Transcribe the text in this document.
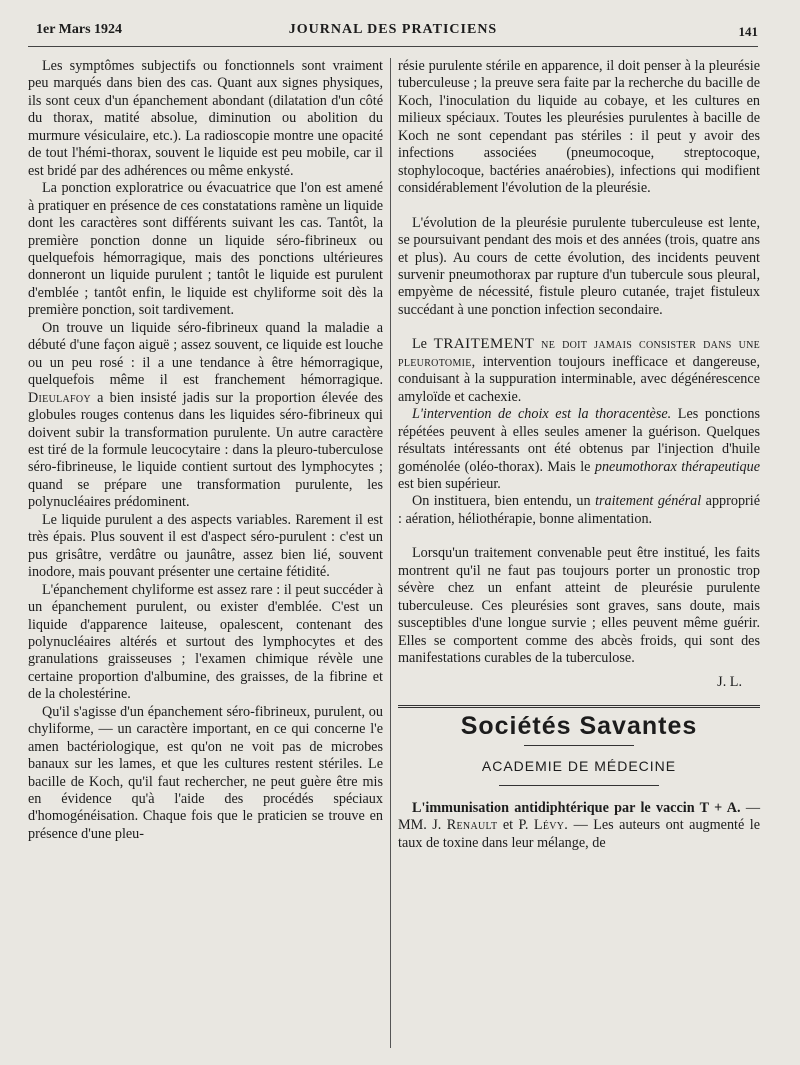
1er Mars 1924	JOURNAL DES PRATICIENS	141

Les symptômes subjectifs ou fonctionnels sont vraiment peu marqués dans bien des cas. Quant aux signes physiques, ils sont ceux d'un épanchement abondant (dilatation d'un côté du thorax, matité absolue, diminution ou abolition du murmure vésiculaire, etc.). La radioscopie montre une opacité de tout l'hémi-thorax, souvent le liquide est peu mobile, car il est bridé par des adhérences ou même enkysté.

La ponction exploratrice ou évacuatrice que l'on est amené à pratiquer en présence de ces constatations ramène un liquide dont les caractères sont différents suivant les cas. Tantôt, la première ponction donne un liquide séro-fibrineux ou quelquefois hémorragique, mais des ponctions ultérieures donneront un liquide purulent ; tantôt le liquide est purulent d'emblée ; tantôt enfin, le liquide est chyliforme soit dès la première ponction, soit tardivement.

On trouve un liquide séro-fibrineux quand la maladie a débuté d'une façon aiguë ; assez souvent, ce liquide est louche ou un peu rosé : il a une tendance à être hémorragique, quelquefois même il est franchement hémorragique. Dieulafoy a bien insisté jadis sur la proportion élevée des globules rouges contenus dans les liquides séro-fibrineux qui doivent subir la transformation purulente. Un autre caractère est tiré de la formule leucocytaire : dans la pleuro-tuberculose séro-fibrineuse, le liquide contient surtout des lymphocytes ; quand se prépare une transformation purulente, les polynucléaires prédominent.

Le liquide purulent a des aspects variables. Rarement il est très épais. Plus souvent il est d'aspect séro-purulent : c'est un pus grisâtre, verdâtre ou jaunâtre, assez bien lié, souvent inodore, mais pouvant présenter une certaine fétidité.

L'épanchement chyliforme est assez rare : il peut succéder à un épanchement purulent, ou exister d'emblée. C'est un liquide d'apparence laiteuse, opalescent, contenant des polynucléaires altérés et surtout des lymphocytes et des granulations graisseuses ; l'examen chimique révèle une certaine proportion d'albumine, des graisses, de la fibrine et de la cholestérine.

Qu'il s'agisse d'un épanchement séro-fibrineux, purulent, ou chyliforme, — un caractère important, en ce qui concerne l'e amen bactériologique, est qu'on ne voit pas de microbes banaux sur les lames, et que les cultures restent stériles. Le bacille de Koch, qu'il faut rechercher, ne peut guère être mis en évidence qu'à l'aide des procédés spéciaux d'homogénéisation. Chaque fois que le praticien se trouve en présence d'une pleu-

résie purulente stérile en apparence, il doit penser à la pleurésie tuberculeuse ; la preuve sera faite par la recherche du bacille de Koch, l'inoculation du liquide au cobaye, et les cultures en milieux spéciaux. Toutes les pleurésies purulentes à bacille de Koch ne sont cependant pas stériles : il peut y avoir des infections associées (pneumocoque, streptocoque, stophylocoque, bactéries anaérobies), infections qui modifient considérablement l'évolution de la pleurésie.

L'évolution de la pleurésie purulente tuberculeuse est lente, se poursuivant pendant des mois et des années (trois, quatre ans et plus). Au cours de cette évolution, des incidents peuvent survenir pneumothorax par rupture d'un tubercule sous pleural, empyème de nécessité, fistule pleuro cutanée, trajet fistuleux succédant à une ponction infection secondaire.

Le TRAITEMENT ne doit jamais consister dans une pleurotomie, intervention toujours inefficace et dangereuse, conduisant à la suppuration interminable, avec dégénérescence amyloïde et cachexie.

L'intervention de choix est la thoracentèse. Les ponctions répétées peuvent à elles seules amener la guérison. Quelques résultats intéressants ont été obtenus par l'injection d'huile goménolée (oléo-thorax). Mais le pneumothorax thérapeutique est bien supérieur.

On instituera, bien entendu, un traitement général approprié : aération, héliothérapie, bonne alimentation.

Lorsqu'un traitement convenable peut être institué, les faits montrent qu'il ne faut pas toujours porter un pronostic trop sévère chez un enfant atteint de pleurésie purulente tuberculeuse. Ces pleurésies sont graves, sans doute, mais susceptibles d'une longue survie ; elles peuvent même guérir. Elles se comportent comme des abcès froids, qui sont des manifestations curables de la tuberculose.

J. L.
Sociétés Savantes
ACADEMIE DE MÉDECINE

L'immunisation antidiphtérique par le vaccin T + A. — MM. J. Renault et P. Lévy. — Les auteurs ont augmenté le taux de toxine dans leur mélange, de
